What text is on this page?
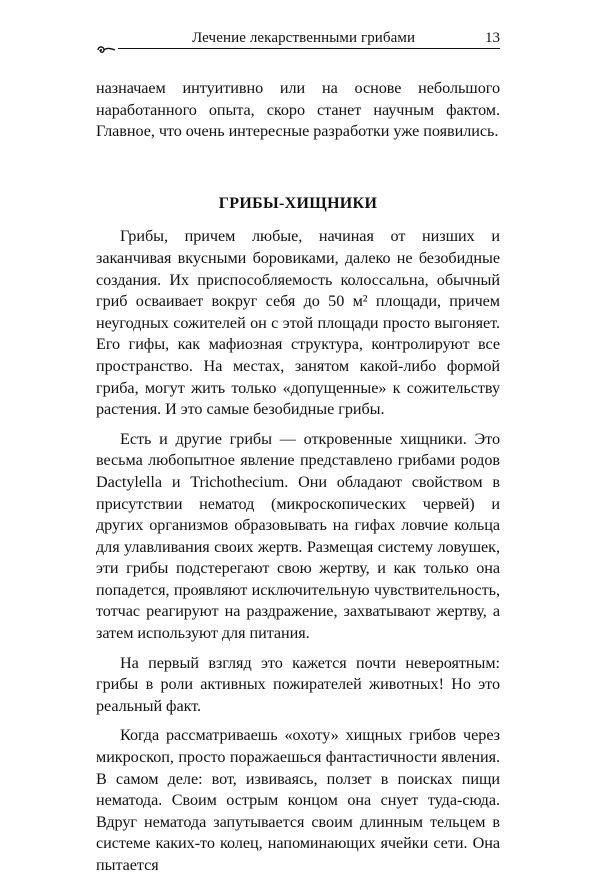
Лечение лекарственными грибами	13

назначаем интуитивно или на основе небольшого наработанного опыта, скоро станет научным фактом. Главное, что очень интересные разработки уже появились.

ГРИБЫ-ХИЩНИКИ

Грибы, причем любые, начиная от низших и заканчивая вкусными боровиками, далеко не безобидные создания. Их приспособляемость колоссальна, обычный гриб осваивает вокруг себя до 50 м² площади, причем неугодных сожителей он с этой площади просто выгоняет. Его гифы, как мафиозная структура, контролируют все пространство. На местах, занятом какой-либо формой гриба, могут жить только «допущенные» к сожительству растения. И это самые безобидные грибы.

Есть и другие грибы — откровенные хищники. Это весьма любопытное явление представлено грибами родов Dactylella и Trichothecium. Они обладают свойством в присутствии нематод (микроскопических червей) и других организмов образовывать на гифах ловчие кольца для улавливания своих жертв. Размещая систему ловушек, эти грибы подстерегают свою жертву, и как только она попадется, проявляют исключительную чувствительность, тотчас реагируют на раздражение, захватывают жертву, а затем используют для питания.

На первый взгляд это кажется почти невероятным: грибы в роли активных пожирателей животных! Но это реальный факт.

Когда рассматриваешь «охоту» хищных грибов через микроскоп, просто поражаешься фантастичности явления. В самом деле: вот, извиваясь, ползет в поисках пищи нематода. Своим острым концом она снует туда-сюда. Вдруг нематода запутывается своим длинным тельцем в системе каких-то колец, напоминающих ячейки сети. Она пытается
